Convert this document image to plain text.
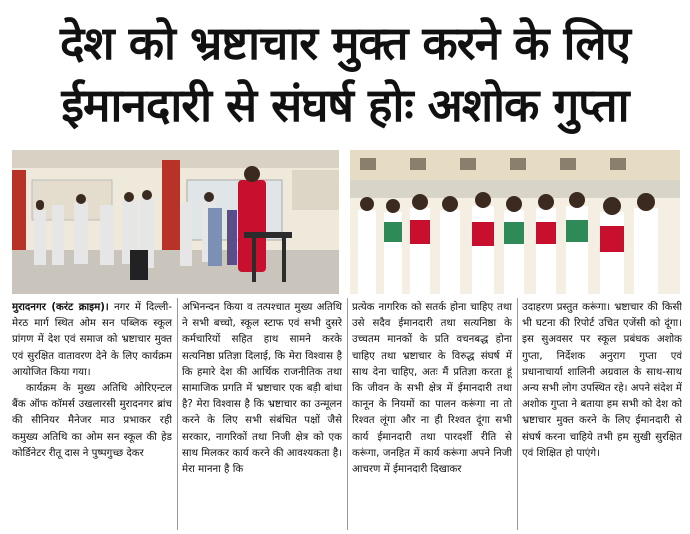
देश को भ्रष्टाचार मुक्त करने के लिए
ईमानदारी से संघर्ष होः अशोक गुप्ता

मुरादनगर (करंट क्राइम)। नगर में दिल्ली-मेरठ मार्ग स्थित ओम सन पब्लिक स्कूल प्रांगण में देश एवं समाज को भ्रष्टाचार मुक्त एवं सुरक्षित वातावरण देने के लिए कार्यक्रम आयोजित किया गया।

कार्यक्रम के मुख्य अतिथि ओरिएन्टल बैंक ऑफ कॉमर्स उखलारसी मुरादनगर ब्रांच की सीनियर मैनेजर माउ प्रभाकर रही कमुख्य अतिथि का ओम सन स्कूल की हेड कोर्डिनेटर रीतू दास ने पुष्पगुच्छ देकर

अभिनन्दन किया व तत्पश्चात मुख्य अतिथि ने सभी बच्चो, स्कूल स्टाफ एवं सभी दुसरे कर्मचारियों सहित हाथ सामने करके सत्यनिष्ठा प्रतिज्ञा दिलाई, कि मेरा विश्वास है कि हमारे देश की आर्थिक राजनीतिक तथा सामाजिक प्रगति में भ्रष्टाचार एक बड़ी बांधा है? मेरा विश्वास है कि भ्रष्टाचार का उन्मूलन करने के लिए सभी संबंधित पक्षों जैसे सरकार, नागरिकों तथा निजी क्षेत्र को एक साथ मिलकर कार्य करने की आवश्यकता है। मेरा मानना है कि

प्रत्येक नागरिक को सतर्क होना चाहिए तथा उसे सदैव ईमानदारी तथा सत्यनिष्ठा के उच्चतम मानकों के प्रति वचनबद्ध होना चाहिए तथा भ्रष्टाचार के विरुद्ध संघर्ष में साथ देना चाहिए, अतः मैं प्रतिज्ञा करता हूं कि जीवन के सभी क्षेत्र में ईमानदारी तथा कानून के नियमों का पालन करूंगा ना तो रिश्वत लूंगा और ना ही रिश्वत दूंगा सभी कार्य ईमानदारी तथा पारदर्शी रीति से करूंगा, जनहित में कार्य करूंगा अपने निजी आचरण में ईमानदारी दिखाकर

उदाहरण प्रस्तुत करूंगा। भ्रष्टाचार की किसी भी घटना की रिपोर्ट उचित एजेंसी को दूंगा। इस सुअवसर पर स्कूल प्रबंधक अशोक गुप्ता, निर्देशक अनुराग गुप्ता एवं प्रधानाचार्या शालिनी अग्रवाल के साथ-साथ अन्य सभी लोग उपस्थित रहे। अपने संदेश में अशोक गुप्ता ने बताया हम सभी को देश को भ्रष्टाचार मुक्त करने के लिए ईमानदारी से संघर्ष करना चाहिये तभी हम सुखी सुरक्षित एवं शिक्षित हो पाएंगे।
